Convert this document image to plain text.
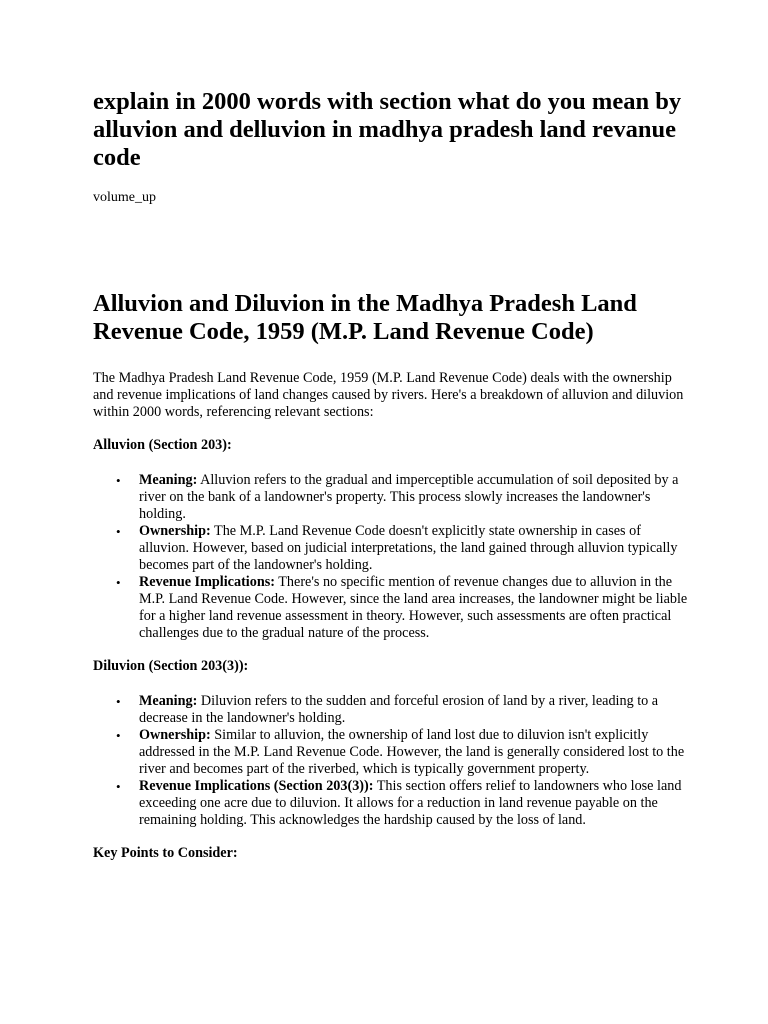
explain in 2000 words with section what do you mean by alluvion and delluvion in madhya pradesh land revanue code
volume_up
Alluvion and Diluvion in the Madhya Pradesh Land Revenue Code, 1959 (M.P. Land Revenue Code)

The Madhya Pradesh Land Revenue Code, 1959 (M.P. Land Revenue Code) deals with the ownership and revenue implications of land changes caused by rivers. Here's a breakdown of alluvion and diluvion within 2000 words, referencing relevant sections:

Alluvion (Section 203):
• Meaning: Alluvion refers to the gradual and imperceptible accumulation of soil deposited by a river on the bank of a landowner's property. This process slowly increases the landowner's holding.
• Ownership: The M.P. Land Revenue Code doesn't explicitly state ownership in cases of alluvion. However, based on judicial interpretations, the land gained through alluvion typically becomes part of the landowner's holding.
• Revenue Implications: There's no specific mention of revenue changes due to alluvion in the M.P. Land Revenue Code. However, since the land area increases, the landowner might be liable for a higher land revenue assessment in theory. However, such assessments are often practical challenges due to the gradual nature of the process.
Diluvion (Section 203(3)):
• Meaning: Diluvion refers to the sudden and forceful erosion of land by a river, leading to a decrease in the landowner's holding.
• Ownership: Similar to alluvion, the ownership of land lost due to diluvion isn't explicitly addressed in the M.P. Land Revenue Code. However, the land is generally considered lost to the river and becomes part of the riverbed, which is typically government property.
• Revenue Implications (Section 203(3)): This section offers relief to landowners who lose land exceeding one acre due to diluvion. It allows for a reduction in land revenue payable on the remaining holding. This acknowledges the hardship caused by the loss of land.
Key Points to Consider:
